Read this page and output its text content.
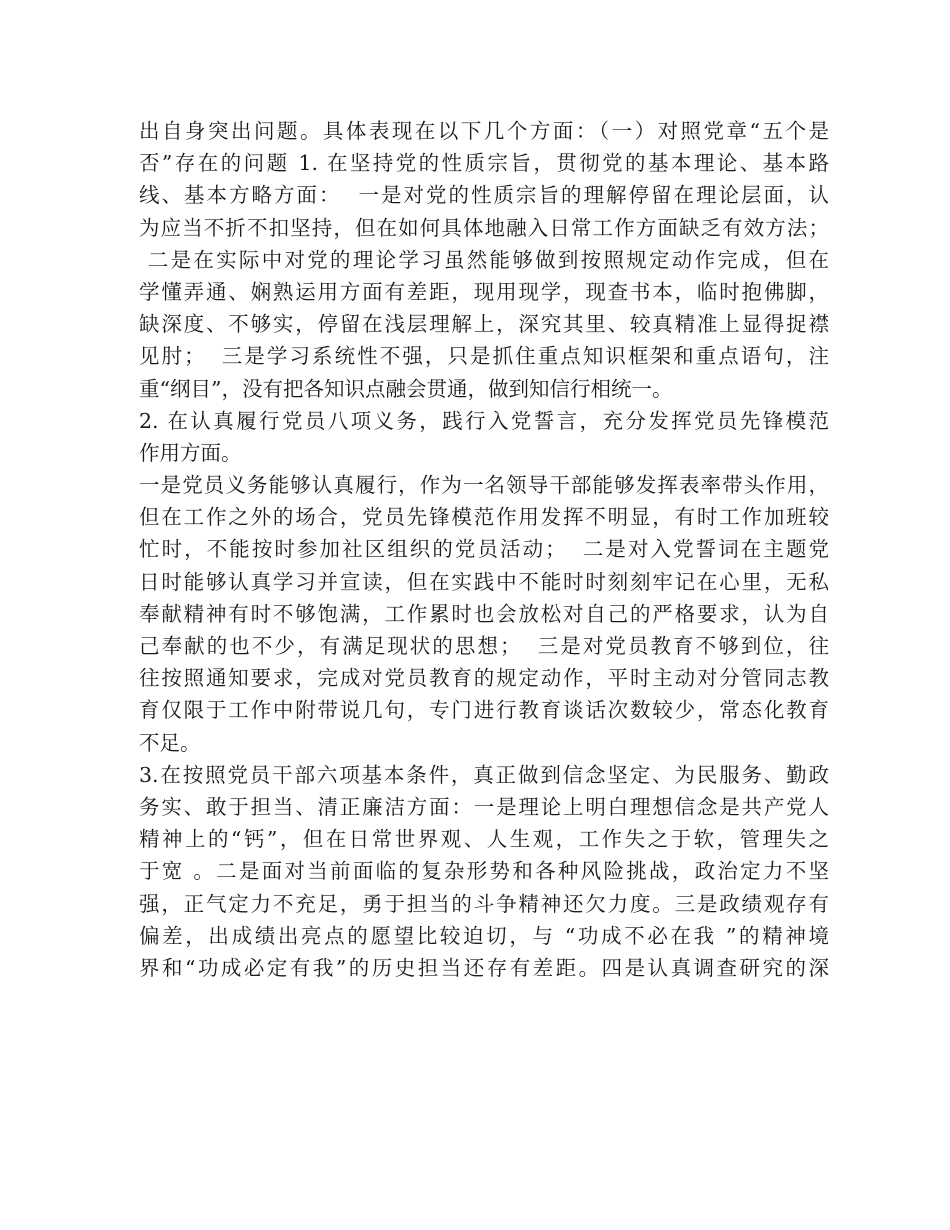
出自身突出问题。具体表现在以下几个方面：（一）对照党章“五个是
否”存在的问题 1. 在坚持党的性质宗旨，贯彻党的基本理论、基本路
线、基本方略方面：  一是对党的性质宗旨的理解停留在理论层面，认
为应当不折不扣坚持，但在如何具体地融入日常工作方面缺乏有效方法；
二是在实际中对党的理论学习虽然能够做到按照规定动作完成，但在
学懂弄通、娴熟运用方面有差距，现用现学，现查书本，临时抱佛脚，
缺深度、不够实，停留在浅层理解上，深究其里、较真精准上显得捉襟
见肘；  三是学习系统性不强，只是抓住重点知识框架和重点语句，注
重“纲目”，没有把各知识点融会贯通，做到知信行相统一。
2. 在认真履行党员八项义务，践行入党誓言，充分发挥党员先锋模范
作用方面。
一是党员义务能够认真履行，作为一名领导干部能够发挥表率带头作用，
但在工作之外的场合，党员先锋模范作用发挥不明显，有时工作加班较
忙时，不能按时参加社区组织的党员活动；  二是对入党誓词在主题党
日时能够认真学习并宣读，但在实践中不能时时刻刻牢记在心里，无私
奉献精神有时不够饱满，工作累时也会放松对自己的严格要求，认为自
己奉献的也不少，有满足现状的思想；  三是对党员教育不够到位，往
往按照通知要求，完成对党员教育的规定动作，平时主动对分管同志教
育仅限于工作中附带说几句，专门进行教育谈话次数较少，常态化教育
不足。
3.在按照党员干部六项基本条件，真正做到信念坚定、为民服务、勤政
务实、敢于担当、清正廉洁方面：一是理论上明白理想信念是共产党人
精神上的“钙”，但在日常世界观、人生观，工作失之于软，管理失之
于宽 。二是面对当前面临的复杂形势和各种风险挑战，政治定力不坚
强，正气定力不充足，勇于担当的斗争精神还欠力度。三是政绩观存有
偏差，出成绩出亮点的愿望比较迫切，与 “功成不必在我 ”的精神境
界和“功成必定有我”的历史担当还存有差距。四是认真调查研究的深
